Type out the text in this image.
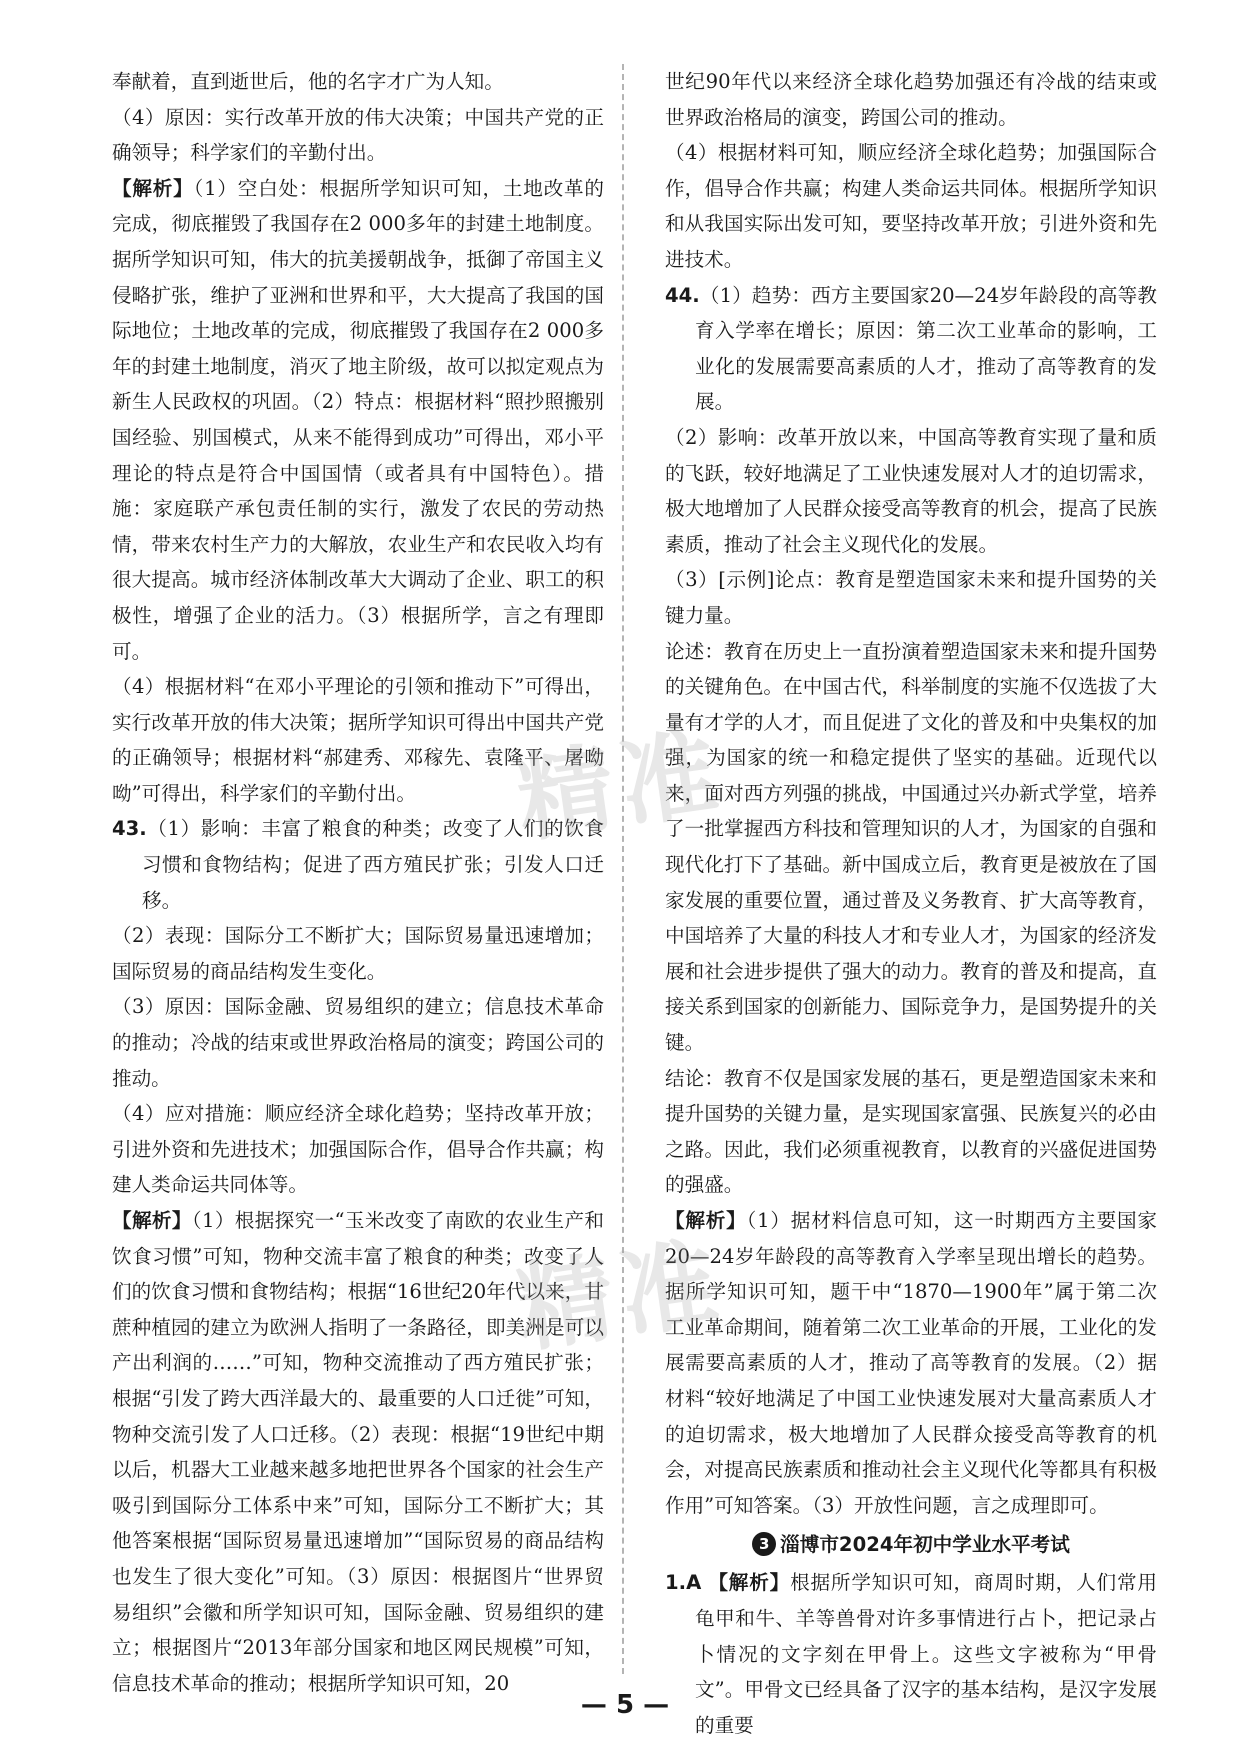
奉献着，直到逝世后，他的名字才广为人知。

（4）原因：实行改革开放的伟大决策；中国共产党的正确领导；科学家们的辛勤付出。

【解析】（1）空白处：根据所学知识可知，土地改革的完成，彻底摧毁了我国存在2 000多年的封建土地制度。据所学知识可知，伟大的抗美援朝战争，抵御了帝国主义侵略扩张，维护了亚洲和世界和平，大大提高了我国的国际地位；土地改革的完成，彻底摧毁了我国存在2 000多年的封建土地制度，消灭了地主阶级，故可以拟定观点为新生人民政权的巩固。（2）特点：根据材料“照抄照搬别国经验、别国模式，从来不能得到成功”可得出，邓小平理论的特点是符合中国国情（或者具有中国特色）。措施：家庭联产承包责任制的实行，激发了农民的劳动热情，带来农村生产力的大解放，农业生产和农民收入均有很大提高。城市经济体制改革大大调动了企业、职工的积极性，增强了企业的活力。（3）根据所学，言之有理即可。

（4）根据材料“在邓小平理论的引领和推动下”可得出，实行改革开放的伟大决策；据所学知识可得出中国共产党的正确领导；根据材料“郝建秀、邓稼先、袁隆平、屠呦呦”可得出，科学家们的辛勤付出。

43.（1）影响：丰富了粮食的种类；改变了人们的饮食习惯和食物结构；促进了西方殖民扩张；引发人口迁移。

（2）表现：国际分工不断扩大；国际贸易量迅速增加；国际贸易的商品结构发生变化。

（3）原因：国际金融、贸易组织的建立；信息技术革命的推动；冷战的结束或世界政治格局的演变；跨国公司的推动。

（4）应对措施：顺应经济全球化趋势；坚持改革开放；引进外资和先进技术；加强国际合作，倡导合作共赢；构建人类命运共同体等。

【解析】（1）根据探究一“玉米改变了南欧的农业生产和饮食习惯”可知，物种交流丰富了粮食的种类；改变了人们的饮食习惯和食物结构；根据“16世纪20年代以来，甘蔗种植园的建立为欧洲人指明了一条路径，即美洲是可以产出利润的……”可知，物种交流推动了西方殖民扩张；根据“引发了跨大西洋最大的、最重要的人口迁徙”可知，物种交流引发了人口迁移。（2）表现：根据“19世纪中期以后，机器大工业越来越多地把世界各个国家的社会生产吸引到国际分工体系中来”可知，国际分工不断扩大；其他答案根据“国际贸易量迅速增加”“国际贸易的商品结构也发生了很大变化”可知。（3）原因：根据图片“世界贸易组织”会徽和所学知识可知，国际金融、贸易组织的建立；根据图片“2013年部分国家和地区网民规模”可知，信息技术革命的推动；根据所学知识可知，20

世纪90年代以来经济全球化趋势加强还有冷战的结束或世界政治格局的演变，跨国公司的推动。

（4）根据材料可知，顺应经济全球化趋势；加强国际合作，倡导合作共赢；构建人类命运共同体。根据所学知识和从我国实际出发可知，要坚持改革开放；引进外资和先进技术。

44.（1）趋势：西方主要国家20—24岁年龄段的高等教育入学率在增长；原因：第二次工业革命的影响，工业化的发展需要高素质的人才，推动了高等教育的发展。

（2）影响：改革开放以来，中国高等教育实现了量和质的飞跃，较好地满足了工业快速发展对人才的迫切需求，极大地增加了人民群众接受高等教育的机会，提高了民族素质，推动了社会主义现代化的发展。

（3）[示例]论点：教育是塑造国家未来和提升国势的关键力量。

论述：教育在历史上一直扮演着塑造国家未来和提升国势的关键角色。在中国古代，科举制度的实施不仅选拔了大量有才学的人才，而且促进了文化的普及和中央集权的加强，为国家的统一和稳定提供了坚实的基础。近现代以来，面对西方列强的挑战，中国通过兴办新式学堂，培养了一批掌握西方科技和管理知识的人才，为国家的自强和现代化打下了基础。新中国成立后，教育更是被放在了国家发展的重要位置，通过普及义务教育、扩大高等教育，中国培养了大量的科技人才和专业人才，为国家的经济发展和社会进步提供了强大的动力。教育的普及和提高，直接关系到国家的创新能力、国际竞争力，是国势提升的关键。

结论：教育不仅是国家发展的基石，更是塑造国家未来和提升国势的关键力量，是实现国家富强、民族复兴的必由之路。因此，我们必须重视教育，以教育的兴盛促进国势的强盛。

【解析】（1）据材料信息可知，这一时期西方主要国家20—24岁年龄段的高等教育入学率呈现出增长的趋势。据所学知识可知，题干中“1870—1900年”属于第二次工业革命期间，随着第二次工业革命的开展，工业化的发展需要高素质的人才，推动了高等教育的发展。（2）据材料“较好地满足了中国工业快速发展对大量高素质人才的迫切需求，极大地增加了人民群众接受高等教育的机会，对提高民族素质和推动社会主义现代化等都具有积极作用”可知答案。（3）开放性问题，言之成理即可。

3 淄博市2024年初中学业水平考试

1.A 【解析】根据所学知识可知，商周时期，人们常用龟甲和牛、羊等兽骨对许多事情进行占卜，把记录占卜情况的文字刻在甲骨上。这些文字被称为“甲骨文”。甲骨文已经具备了汉字的基本结构，是汉字发展的重要

精准
精准
— 5 —
